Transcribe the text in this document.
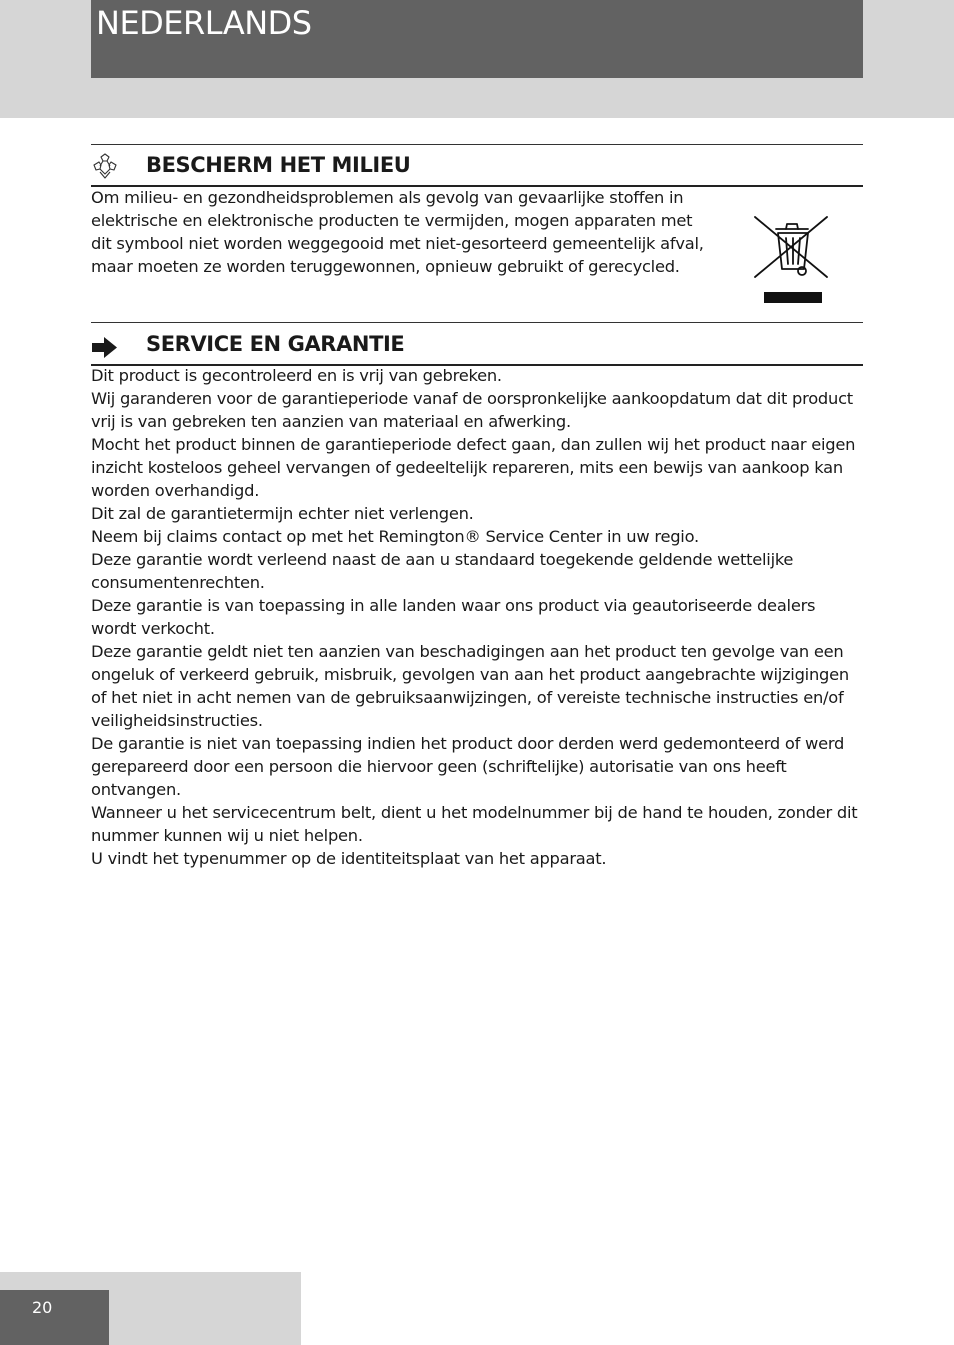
NEDERLANDS
BESCHERM HET MILIEU

Om milieu- en gezondheidsproblemen als gevolg van gevaarlijke stoffen in elektrische en elektronische producten te vermijden, mogen apparaten met dit symbool niet worden weggegooid met niet-gesorteerd gemeentelijk afval, maar moeten ze worden teruggewonnen, opnieuw gebruikt of gerecycled.

SERVICE EN GARANTIE

Dit product is gecontroleerd en is vrij van gebreken.

Wij garanderen voor de garantieperiode vanaf de oorspronkelijke aankoopdatum dat dit product vrij is van gebreken ten aanzien van materiaal en afwerking.

Mocht het product binnen de garantieperiode defect gaan, dan zullen wij het product naar eigen inzicht kosteloos geheel vervangen of gedeeltelijk repareren, mits een bewijs van aankoop kan worden overhandigd.

Dit zal de garantietermijn echter niet verlengen.

Neem bij claims contact op met het Remington® Service Center in uw regio.

Deze garantie wordt verleend naast de aan u standaard toegekende geldende wettelijke consumentenrechten.

Deze garantie is van toepassing in alle landen waar ons product via geautoriseerde dealers wordt verkocht.

Deze garantie geldt niet ten aanzien van beschadigingen aan het product ten gevolge van een ongeluk of verkeerd gebruik, misbruik, gevolgen van aan het product aangebrachte wijzigingen of het niet in acht nemen van de gebruiksaanwijzingen, of vereiste technische instructies en/of veiligheidsinstructies.

De garantie is niet van toepassing indien het product door derden werd gedemonteerd of werd gerepareerd door een persoon die hiervoor geen (schriftelijke) autorisatie van ons heeft ontvangen.

Wanneer u het servicecentrum belt, dient u het modelnummer bij de hand te houden, zonder dit nummer kunnen wij u niet helpen.

U vindt het typenummer op de identiteitsplaat van het apparaat.

20
